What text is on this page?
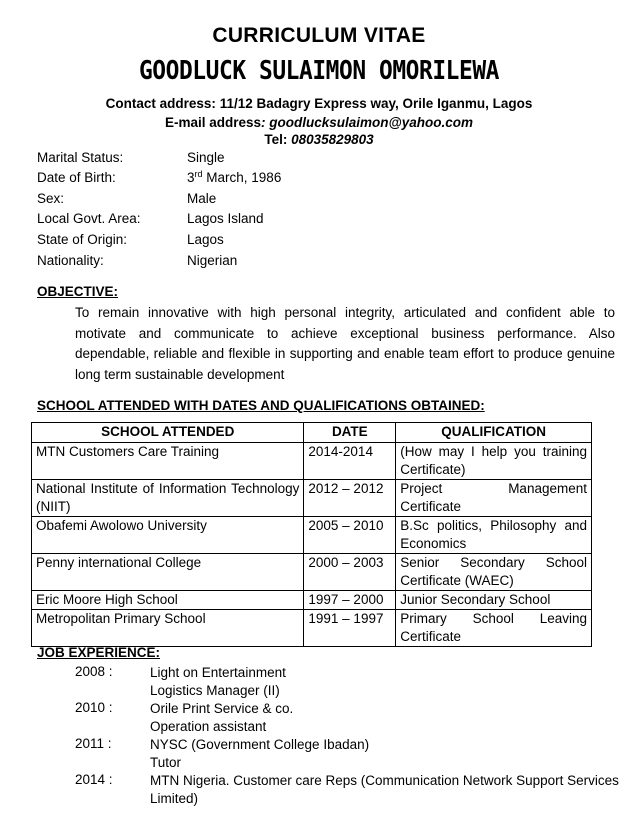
CURRICULUM VITAE
GOODLUCK SULAIMON OMORILEWA
Contact address: 11/12 Badagry Express way, Orile Iganmu, Lagos
E-mail address: goodlucksulaimon@yahoo.com
Tel: 08035829803
Marital Status:	Single
Date of Birth:	3rd March, 1986
Sex:	Male
Local Govt. Area:	Lagos Island
State of Origin:	Lagos
Nationality:	Nigerian
OBJECTIVE:
To remain innovative with high personal integrity, articulated and confident able to motivate and communicate to achieve exceptional business performance. Also dependable, reliable and flexible in supporting and enable team effort to produce genuine long term sustainable development
SCHOOL ATTENDED WITH DATES AND QUALIFICATIONS OBTAINED:
SCHOOL ATTENDED	DATE	QUALIFICATION
MTN Customers Care Training	2014-2014	(How may I help you training Certificate)
National Institute of Information Technology (NIIT)	2012 – 2012	Project Management Certificate
Obafemi Awolowo University	2005 – 2010	B.Sc politics, Philosophy and Economics
Penny international College	2000 – 2003	Senior Secondary School Certificate (WAEC)
Eric Moore High School	1997 – 2000	Junior Secondary School
Metropolitan Primary School	1991 – 1997	Primary School Leaving Certificate
JOB EXPERIENCE:
2008 :	Light on Entertainment
Logistics Manager (II)
2010 :	Orile Print Service & co.
Operation assistant
2011 :	NYSC (Government College Ibadan)
Tutor
2014 :	MTN Nigeria. Customer care Reps (Communication Network Support Services
Limited)
